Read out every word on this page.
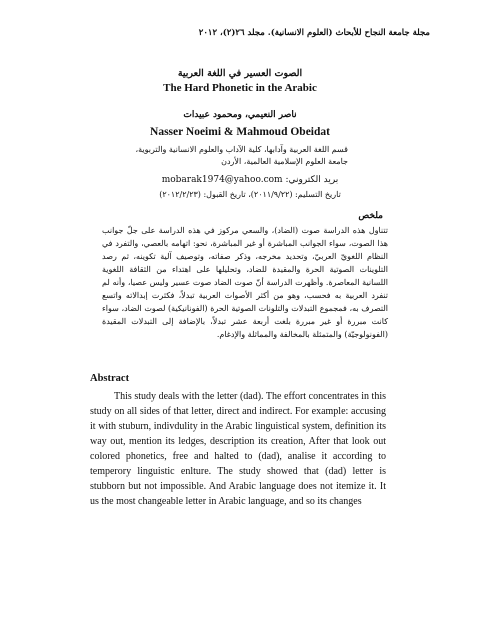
مجلة جامعة النجاح للأبحاث (العلوم الانسانية). مجلد ٢٦(٢)، ٢٠١٢
الصوت العسير في اللغة العربية
The Hard Phonetic in the Arabic
ناصر النعيمي، ومحمود عبيدات
Nasser Noeimi & Mahmoud Obeidat
قسم اللغة العربية وآدابها، كلية الآداب والعلوم الانسانية والتربوية،
جامعة العلوم الإسلامية العالمية، الأردن
mobarak1974@yahoo.com بريد الكتروني:
تاريخ التسليم: (٢٠١١/٩/٢٢)، تاريخ القبول: (٢٠١٢/٢/٢٣)
ملخص
تتناول هذه الدراسة صوت (الضاد)، والسعي مركوز في هذه الدراسة على جلّ جوانب هذا الصوت، سواء الجوانب المباشرة أو غير المباشرة، نحو: اتهامه بالعصي، والتفرد في النظام اللغويّ العربيّ، وتحديد مخرجه، وذكر صفاته، وتوصيف آلية تكوينه، ثم رصد التلوينات الصوتية الحرة والمقيدة للضاد، وتحليلها على اهتداء من الثقافة اللغوية اللسانية المعاصرة. وأظهرت الدراسة أنّ صوت الضاد صوت عسير وليس عصيا، وأنه لم تنفرد العربية به فحسب، وهو من أكثر الأصوات العربية تبدلاً، فكثرت إبدالاته واتسع التصرف به، فمجموع التبدلات والتلونات الصوتية الحرة (الفونانيكية) لصوت الضاد، سواء كانت مبررة أو غير مبررة بلغت أربعة عشر تبدلاً، بالإضافة إلى التبدلات المقيدة (الفونولوجيّة) والمتمثلة بالمخالفة والمماثلة والإدغام.
Abstract
This study deals with the letter (dad). The effort concentrates in this study on all sides of that letter, direct and indirect. For example: accusing it with stuburn, indivdulity in the Arabic linguistical system, definition its way out, mention its ledges, description its creation, After that look out colored phonetics, free and halted to (dad), analise it according to temperory linguistic enlture. The study showed that (dad) letter is stubborn but not impossible. And Arabic language does not itemize it. It us the most changeable letter in Arabic language, and so its changes
